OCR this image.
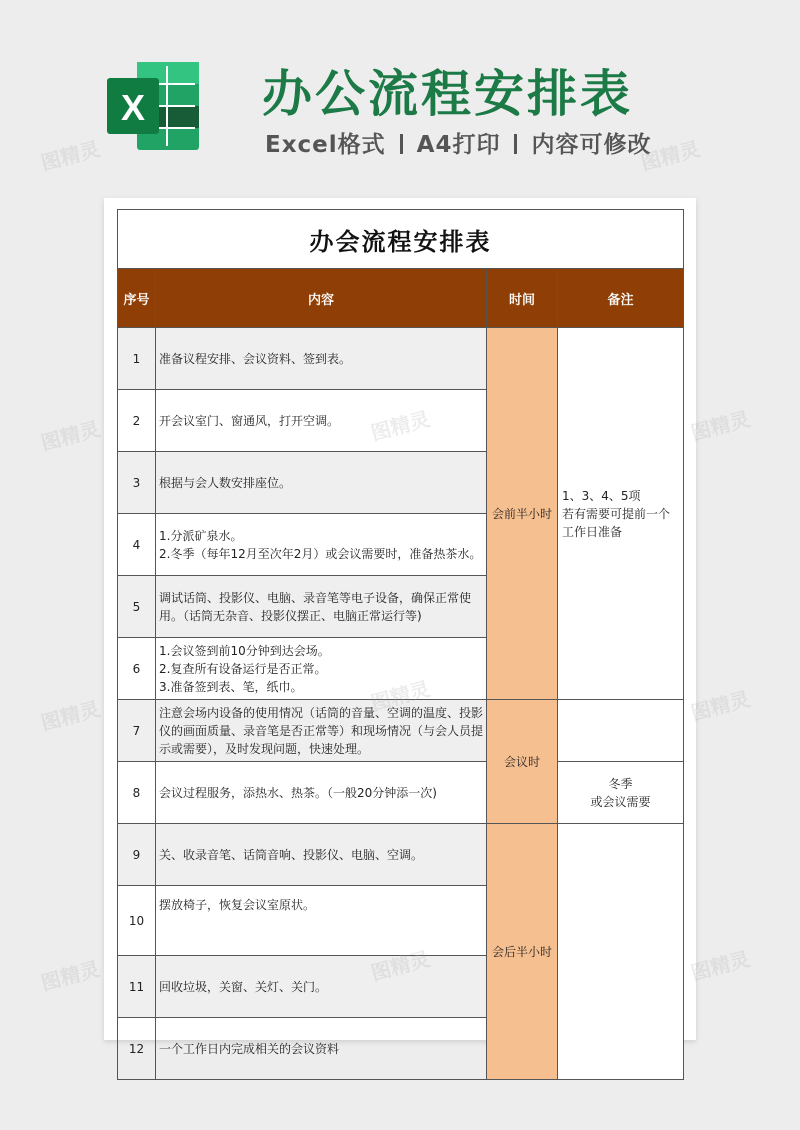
X 办公流程安排表
Excel格式 A4打印 内容可修改
办会流程安排表			
序号	内容	时间	备注
1	准备议程安排、会议资料、签到表。	会前半小时	1、3、4、5项
若有需要可提前一个工作日准备

2	开会议室门、窗通风，打开空调。		

3	根据与会人数安排座位。		

4	1.分派矿泉水。
2.冬季（每年12月至次年2月）或会议需要时，准备热茶水。		

5	调试话筒、投影仪、电脑、录音笔等电子设备，确保正常使用。（话筒无杂音、投影仪摆正、电脑正常运行等)		

6	1.会议签到前10分钟到达会场。
2.复查所有设备运行是否正常。
3.准备签到表、笔，纸巾。		

7	注意会场内设备的使用情况（话筒的音量、空调的温度、投影仪的画面质量、录音笔是否正常等）和现场情况（与会人员提示或需要），及时发现问题，快速处理。	会议时	
8	会议过程服务，添热水、热茶。（一般20分钟添一次)		冬季
或会议需要

9	关、收录音笔、话筒音响、投影仪、电脑、空调。	会后半小时	
10	摆放椅子，恢复会议室原状。		

11	回收垃圾，关窗、关灯、关门。		

12	一个工作日内完成相关的会议资料		
图精灵	图精灵
图精灵	图精灵	图精灵
图精灵
图精灵	图精灵
图精灵	图精灵	图精灵
